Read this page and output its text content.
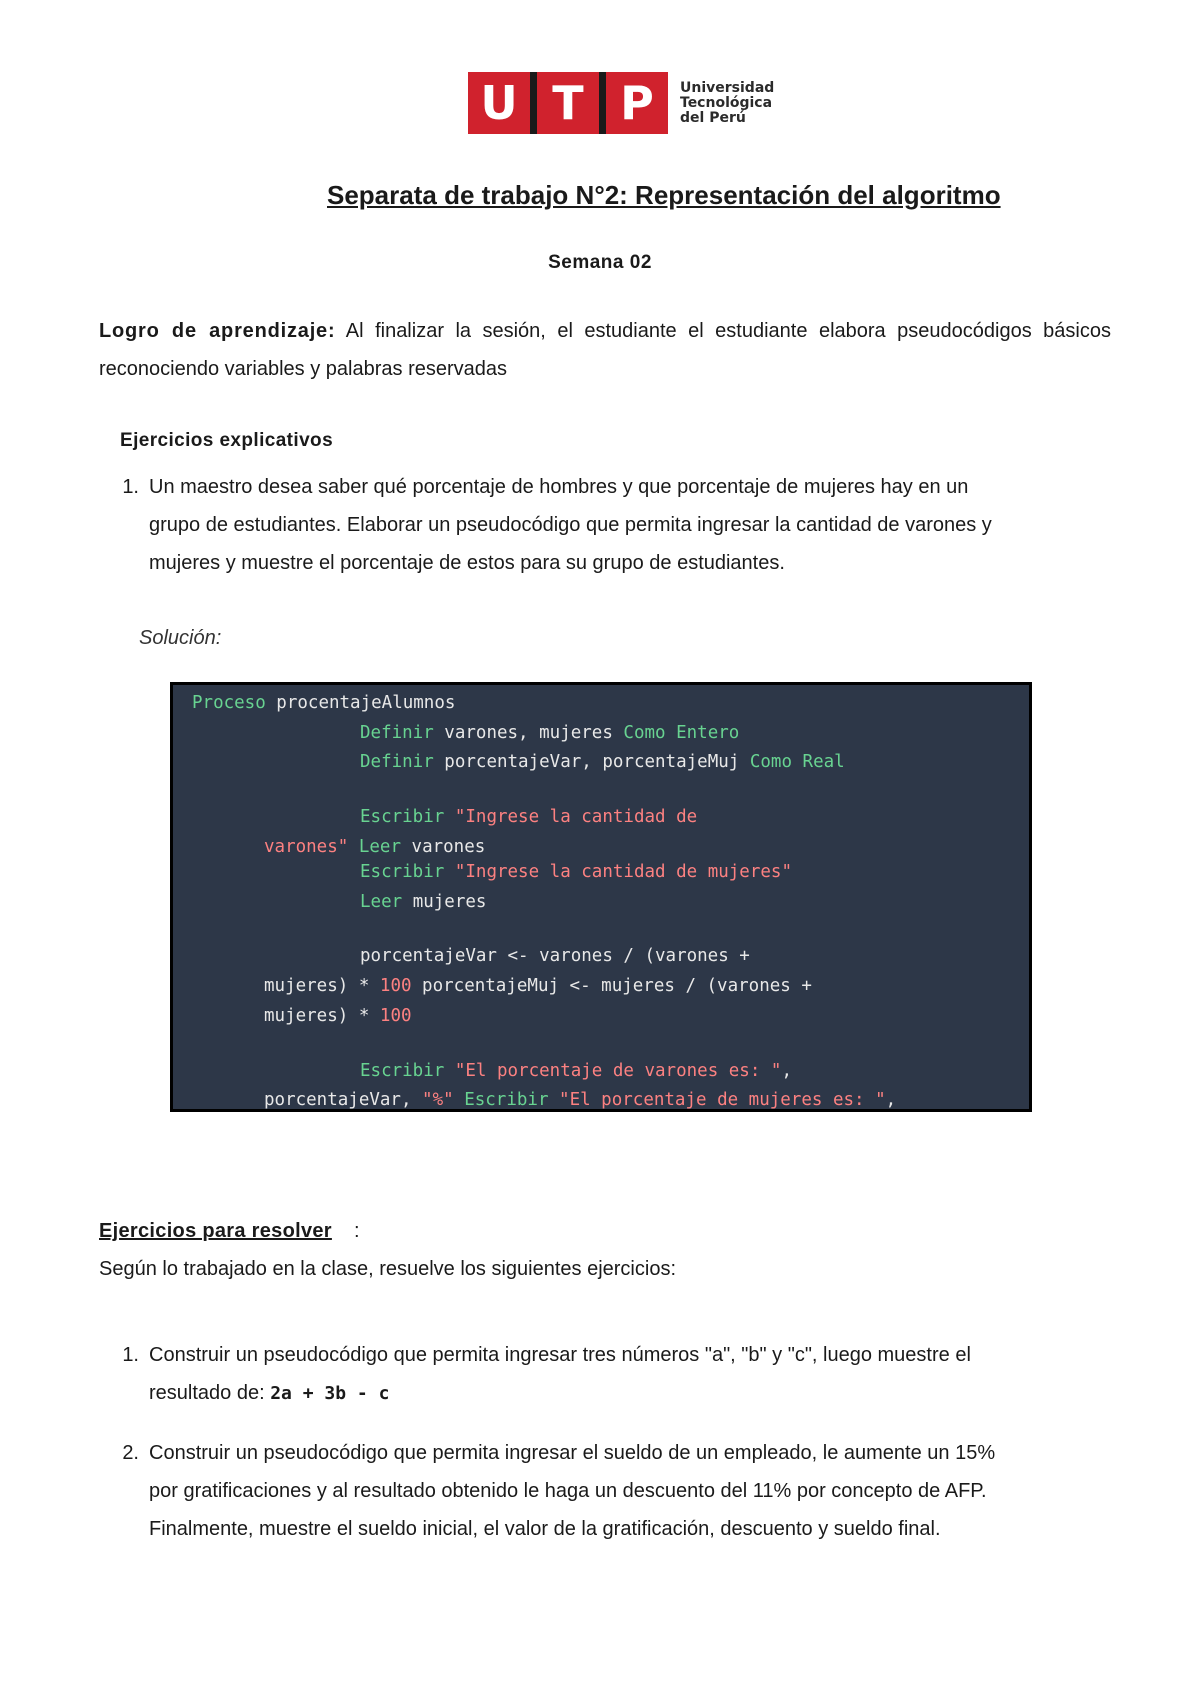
U T P	Universidad
Tecnológica
del Perú
Separata de trabajo N°2: Representación del algoritmo
Semana 02
Logro de aprendizaje: Al finalizar la sesión, el estudiante el estudiante elabora pseudocódigos básicos reconociendo variables y palabras reservadas
Ejercicios explicativos
1. Un maestro desea saber qué porcentaje de hombres y que porcentaje de mujeres hay en un
grupo de estudiantes. Elaborar un pseudocódigo que permita ingresar la cantidad de varones y
mujeres y muestre el porcentaje de estos para su grupo de estudiantes.
Solución:
Proceso procentajeAlumnos
Definir varones, mujeres Como Entero
Definir porcentajeVar, porcentajeMuj Como Real
Escribir "Ingrese la cantidad de
varones" Leer varones
Escribir "Ingrese la cantidad de mujeres"
Leer mujeres
porcentajeVar <- varones / (varones +
mujeres) * 100 porcentajeMuj <- mujeres / (varones +
mujeres) * 100
Escribir "El porcentaje de varones es: ",
porcentajeVar, "%" Escribir "El porcentaje de mujeres es: ",
Ejercicios para resolver :
Según lo trabajado en la clase, resuelve los siguientes ejercicios:
1. Construir un pseudocódigo que permita ingresar tres números "a", "b" y "c", luego muestre el
resultado de: 2a + 3b - c
2. Construir un pseudocódigo que permita ingresar el sueldo de un empleado, le aumente un 15%
por gratificaciones y al resultado obtenido le haga un descuento del 11% por concepto de AFP.
Finalmente, muestre el sueldo inicial, el valor de la gratificación, descuento y sueldo final.
